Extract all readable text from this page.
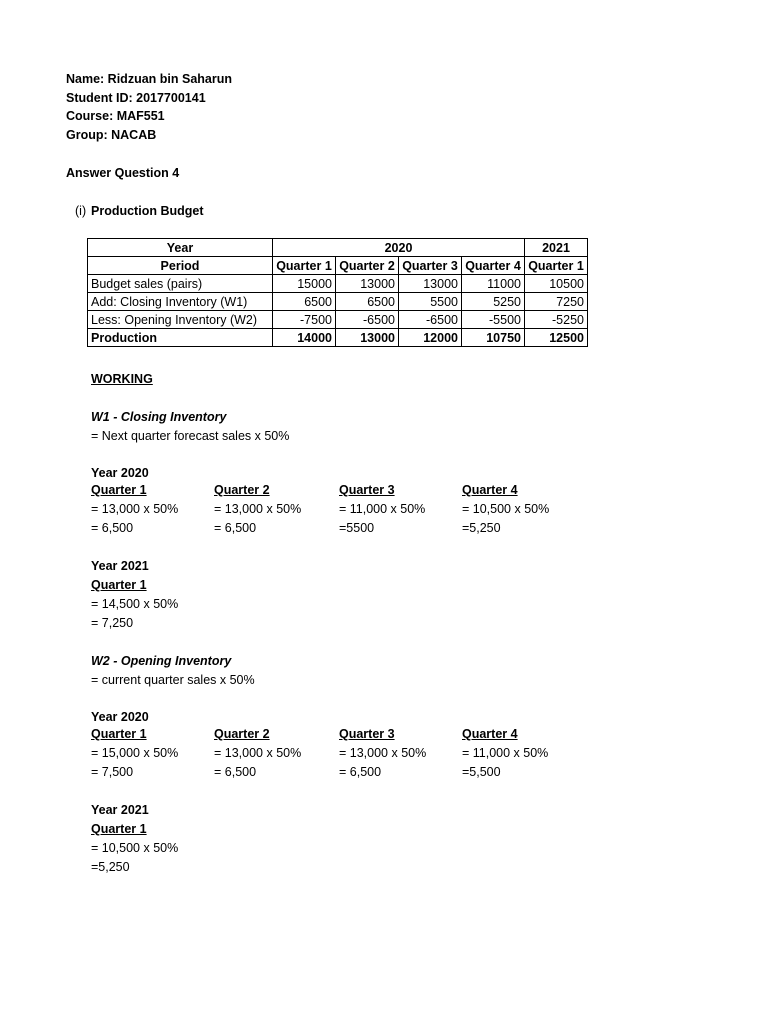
Name: Ridzuan bin Saharun
Student ID: 2017700141
Course: MAF551
Group: NACAB
Answer Question 4
(i) Production Budget
Year	2020				2021
Period	Quarter 1	Quarter 2	Quarter 3	Quarter 4	Quarter 1
Budget sales (pairs)	15000	13000	13000	11000	10500
Add: Closing Inventory (W1)	6500	6500	5500	5250	7250
Less: Opening Inventory (W2)	-7500	-6500	-6500	-5500	-5250
Production	14000	13000	12000	10750	12500
WORKING
W1 - Closing Inventory
= Next quarter forecast sales x 50%
Year 2020
Quarter 1
= 13,000 x 50%
= 6,500
Quarter 2
= 13,000 x 50%
= 6,500
Quarter 3
= 11,000 x 50%
=5500
Quarter 4
= 10,500 x 50%
=5,250
Year 2021
Quarter 1
= 14,500 x 50%
= 7,250
W2 - Opening Inventory
= current quarter sales x 50%
Year 2020
Quarter 1
= 15,000 x 50%
= 7,500
Quarter 2
= 13,000 x 50%
= 6,500
Quarter 3
= 13,000 x 50%
= 6,500
Quarter 4
= 11,000 x 50%
=5,500
Year 2021
Quarter 1
= 10,500 x 50%
=5,250
